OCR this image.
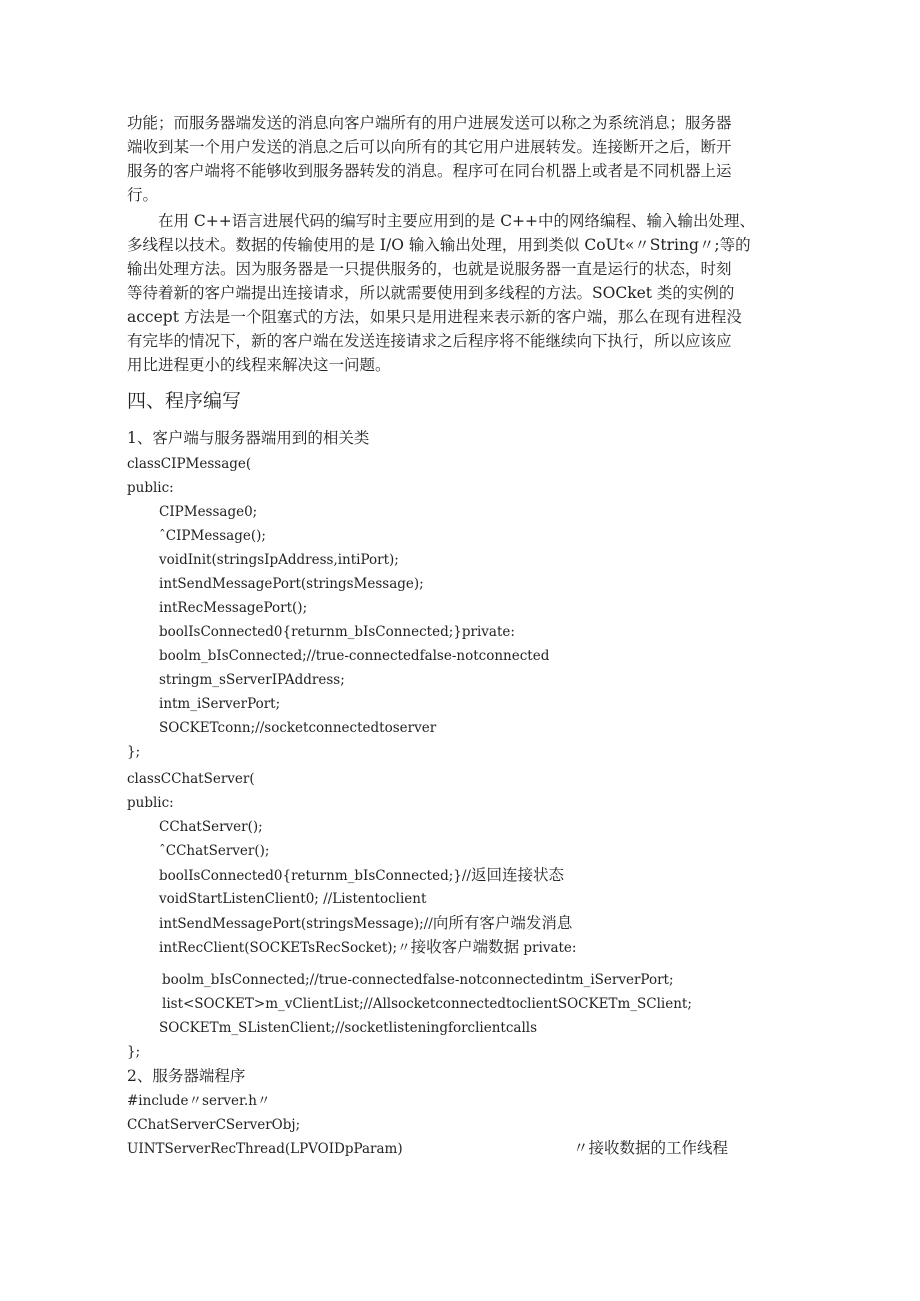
功能；而服务器端发送的消息向客户端所有的用户进展发送可以称之为系统消息；服务器
端收到某一个用户发送的消息之后可以向所有的其它用户进展转发。连接断开之后，断开
服务的客户端将不能够收到服务器转发的消息。程序可在同台机器上或者是不同机器上运
行。

　　在用 C++语言进展代码的编写时主要应用到的是 C++中的网络编程、输入输出处理、
多线程以技术。数据的传输使用的是 I/O 输入输出处理，用到类似 CoUt«〃String〃;等的
输出处理方法。因为服务器是一只提供服务的，也就是说服务器一直是运行的状态，时刻
等待着新的客户端提出连接请求，所以就需要使用到多线程的方法。SOCket 类的实例的
accept 方法是一个阻塞式的方法，如果只是用进程来表示新的客户端，那么在现有进程没
有完毕的情况下，新的客户端在发送连接请求之后程序将不能继续向下执行，所以应该应
用比进程更小的线程来解决这一问题。

四、程序编写
1、客户端与服务器端用到的相关类
classCIPMessage(
public:
CIPMessage0;
ˆCIPMessage();
voidInit(stringsIpAddress,intiPort);
intSendMessagePort(stringsMessage);
intRecMessagePort();
boolIsConnected0{returnm_bIsConnected;}private:
boolm_bIsConnected;//true-connectedfalse-notconnected
stringm_sServerIPAddress;
intm_iServerPort;
SOCKETconn;//socketconnectedtoserver
};
classCChatServer(
public:
CChatServer();
ˆCChatServer();
boolIsConnected0{returnm_bIsConnected;}//返回连接状态
voidStartListenClient0; //Listentoclient
intSendMessagePort(stringsMessage);//向所有客户端发消息
intRecClient(SOCKETsRecSocket);〃接收客户端数据 private:
boolm_bIsConnected;//true-connectedfalse-notconnectedintm_iServerPort;
list<SOCKET>m_vClientList;//AllsocketconnectedtoclientSOCKETm_SClient;
SOCKETm_SListenClient;//socketlisteningforclientcalls
};
2、服务器端程序
#include〃server.h〃
CChatServerCServerObj;
UINTServerRecThread(LPVOIDpParam)	〃接收数据的工作线程
